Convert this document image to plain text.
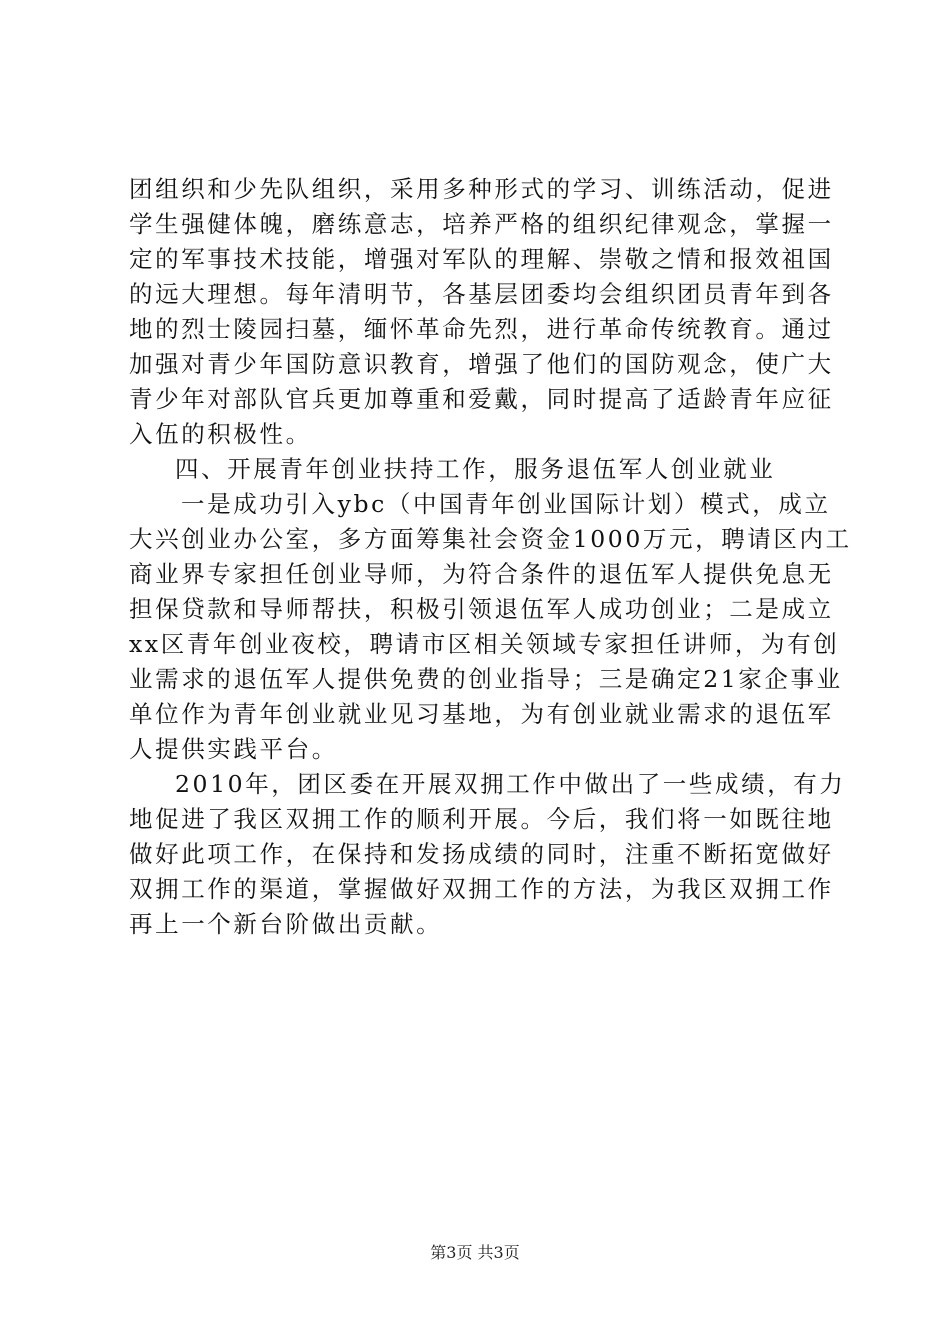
团组织和少先队组织，采用多种形式的学习、训练活动，促进
学生强健体魄，磨练意志，培养严格的组织纪律观念，掌握一
定的军事技术技能，增强对军队的理解、崇敬之情和报效祖国
的远大理想。每年清明节，各基层团委均会组织团员青年到各
地的烈士陵园扫墓，缅怀革命先烈，进行革命传统教育。通过
加强对青少年国防意识教育，增强了他们的国防观念，使广大
青少年对部队官兵更加尊重和爱戴，同时提高了适龄青年应征
入伍的积极性。
四、开展青年创业扶持工作，服务退伍军人创业就业
一是成功引入ybc（中国青年创业国际计划）模式，成立
大兴创业办公室，多方面筹集社会资金1000万元，聘请区内工
商业界专家担任创业导师，为符合条件的退伍军人提供免息无
担保贷款和导师帮扶，积极引领退伍军人成功创业；二是成立
xx区青年创业夜校，聘请市区相关领域专家担任讲师，为有创
业需求的退伍军人提供免费的创业指导；三是确定21家企事业
单位作为青年创业就业见习基地，为有创业就业需求的退伍军
人提供实践平台。
2010年，团区委在开展双拥工作中做出了一些成绩，有力
地促进了我区双拥工作的顺利开展。今后，我们将一如既往地
做好此项工作，在保持和发扬成绩的同时，注重不断拓宽做好
双拥工作的渠道，掌握做好双拥工作的方法，为我区双拥工作
再上一个新台阶做出贡献。
第3页 共3页
